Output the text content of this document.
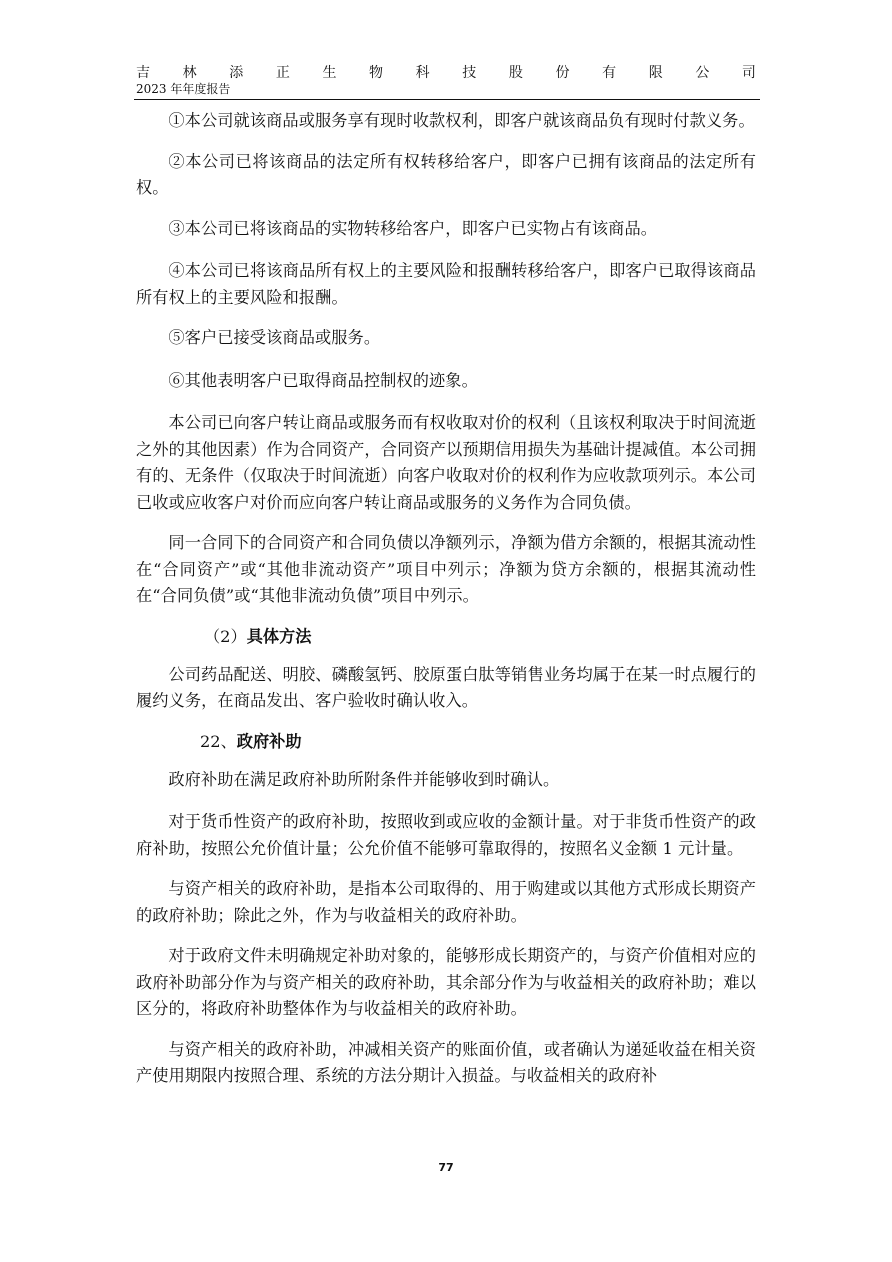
吉 林 添 正 生 物 科 技 股 份 有 限 公 司
2023 年年度报告

①本公司就该商品或服务享有现时收款权利，即客户就该商品负有现时付款义务。

②本公司已将该商品的法定所有权转移给客户，即客户已拥有该商品的法定所有权。

③本公司已将该商品的实物转移给客户，即客户已实物占有该商品。

④本公司已将该商品所有权上的主要风险和报酬转移给客户，即客户已取得该商品所有权上的主要风险和报酬。

⑤客户已接受该商品或服务。

⑥其他表明客户已取得商品控制权的迹象。

本公司已向客户转让商品或服务而有权收取对价的权利（且该权利取决于时间流逝之外的其他因素）作为合同资产，合同资产以预期信用损失为基础计提减值。本公司拥有的、无条件（仅取决于时间流逝）向客户收取对价的权利作为应收款项列示。本公司已收或应收客户对价而应向客户转让商品或服务的义务作为合同负债。

同一合同下的合同资产和合同负债以净额列示，净额为借方余额的，根据其流动性在“合同资产”或“其他非流动资产”项目中列示；净额为贷方余额的，根据其流动性在“合同负债”或“其他非流动负债”项目中列示。

（2）具体方法

公司药品配送、明胶、磷酸氢钙、胶原蛋白肽等销售业务均属于在某一时点履行的履约义务，在商品发出、客户验收时确认收入。

22、政府补助

政府补助在满足政府补助所附条件并能够收到时确认。

对于货币性资产的政府补助，按照收到或应收的金额计量。对于非货币性资产的政府补助，按照公允价值计量；公允价值不能够可靠取得的，按照名义金额 1 元计量。

与资产相关的政府补助，是指本公司取得的、用于购建或以其他方式形成长期资产的政府补助；除此之外，作为与收益相关的政府补助。

对于政府文件未明确规定补助对象的，能够形成长期资产的，与资产价值相对应的政府补助部分作为与资产相关的政府补助，其余部分作为与收益相关的政府补助；难以区分的，将政府补助整体作为与收益相关的政府补助。

与资产相关的政府补助，冲减相关资产的账面价值，或者确认为递延收益在相关资产使用期限内按照合理、系统的方法分期计入损益。与收益相关的政府补

77
